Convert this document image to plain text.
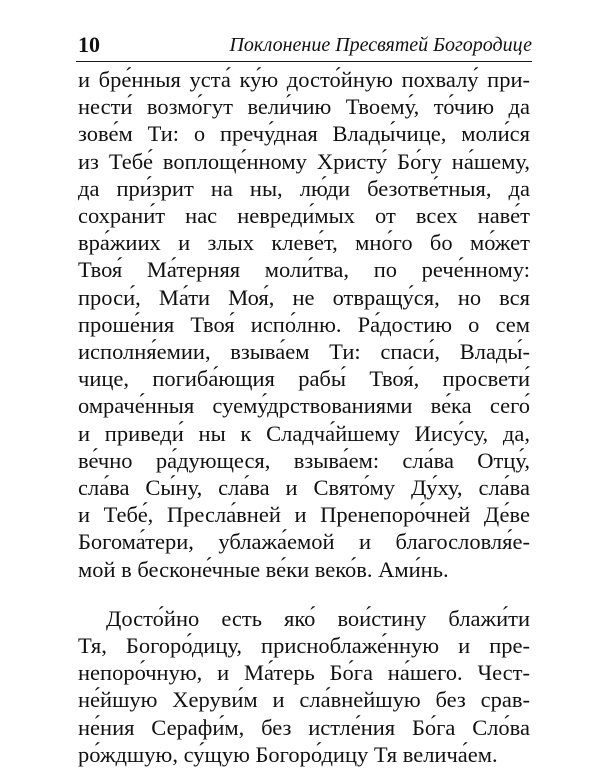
10	Поклонение Пресвятей Богородице

и бре́нныя уста́ ку́ю досто́йную похвалу́ при-
нести́ возмо́гут вели́чию Твоему́, то́чию да
зове́м Ти: о пречу́дная Влады́чице, моли́ся
из Тебе́ воплоще́нному Христу́ Бо́гу на́шему,
да при́зрит на ны, лю́ди безотве́тныя, да
сохрани́т нас невреди́мых от всех наве́т
вра́жиих и злых клеве́т, мно́го бо мо́жет
Твоя́ Ма́терняя моли́тва, по рече́нному:
проси́, Ма́ти Моя́, не отвращу́ся, но вся
проше́ния Твоя́ испо́лню. Ра́достию о сем
исполня́емии, взыва́ем Ти: спаси́, Влады́-
чице, погиба́ющия рабы́ Твоя́, просвети́
омраче́нныя суему́дрствованиями ве́ка сего́
и приведи́ ны к Сладча́йшему Иису́су, да,
ве́чно ра́дующеся, взыва́ем: сла́ва Отцу́,
сла́ва Сы́ну, сла́ва и Свято́му Ду́ху, сла́ва
и Тебе́, Пресла́вней и Пренепоро́чней Де́ве
Богома́тери, ублажа́емой и благословля́е-
мой в бесконе́чные ве́ки веко́в. Ами́нь.

Досто́йно есть яко́ вои́стину блажи́ти
Тя, Богоро́дицу, присноблаже́нную и пре-
непоро́чную, и Ма́терь Бо́га на́шего. Чест-
не́йшую Херуви́м и сла́внейшую без срав-
не́ния Серафи́м, без истле́ния Бо́га Сло́ва
ро́ждшую, су́щую Богоро́дицу Тя велича́ем.
